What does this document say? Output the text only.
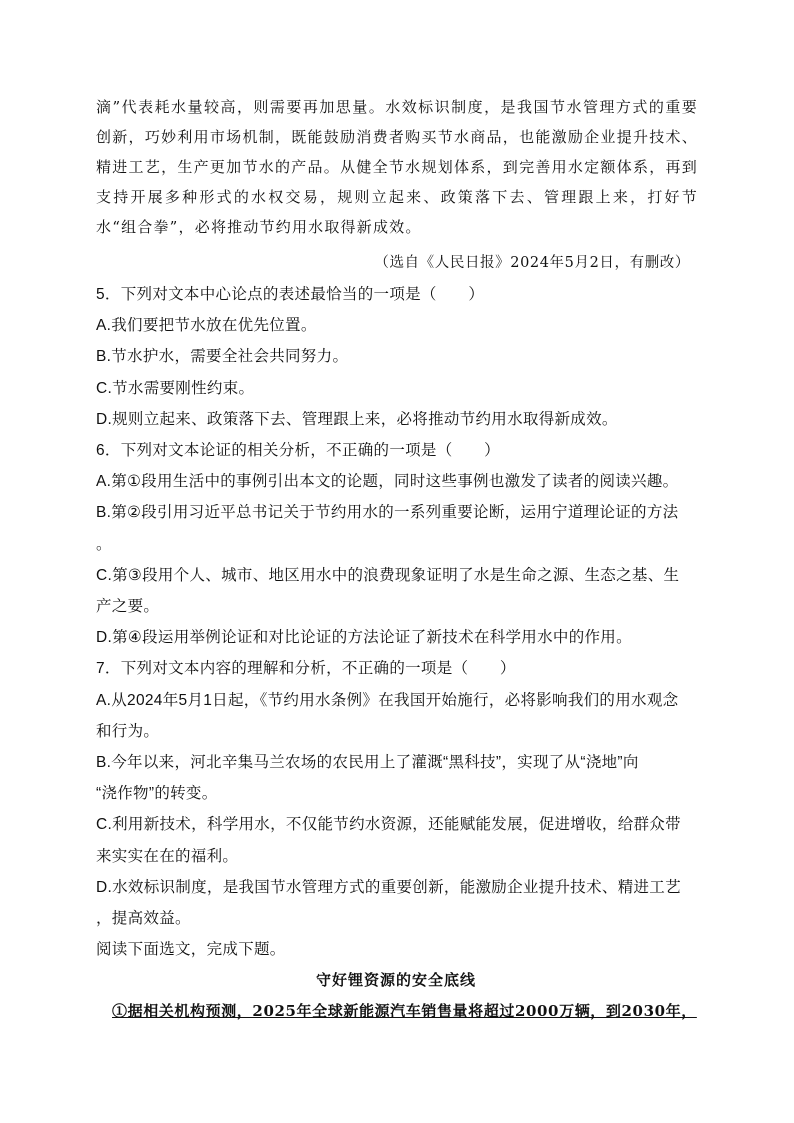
滴”代表耗水量较高，则需要再加思量。水效标识制度，是我国节水管理方式的重要创新，巧妙利用市场机制，既能鼓励消费者购买节水商品，也能激励企业提升技术、精进工艺，生产更加节水的产品。从健全节水规划体系，到完善用水定额体系，再到支持开展多种形式的水权交易，规则立起来、政策落下去、管理跟上来，打好节水“组合拳”，必将推动节约用水取得新成效。
（选自《人民日报》2024年5月2日，有删改）

5．下列对文本中心论点的表述最恰当的一项是（　　）

A.我们要把节水放在优先位置。

B.节水护水，需要全社会共同努力。

C.节水需要刚性约束。

D.规则立起来、政策落下去、管理跟上来，必将推动节约用水取得新成效。

6．下列对文本论证的相关分析，不正确的一项是（　　）

A.第①段用生活中的事例引出本文的论题，同时这些事例也激发了读者的阅读兴趣。

B.第②段引用习近平总书记关于节约用水的一系列重要论断，运用宁道理论证的方法

。

C.第③段用个人、城市、地区用水中的浪费现象证明了水是生命之源、生态之基、生

产之要。

D.第④段运用举例论证和对比论证的方法论证了新技术在科学用水中的作用。

7．下列对文本内容的理解和分析，不正确的一项是（　　）

A.从2024年5月1日起，《节约用水条例》在我国开始施行，必将影响我们的用水观念

和行为。

B.今年以来，河北辛集马兰农场的农民用上了灌溉“黑科技”，实现了从“浇地”向

“浇作物”的转变。

C.利用新技术，科学用水，不仅能节约水资源，还能赋能发展，促进增收，给群众带

来实实在在的福利。

D.水效标识制度，是我国节水管理方式的重要创新，能激励企业提升技术、精进工艺

，提高效益。

阅读下面选文，完成下题。

守好锂资源的安全底线
①据相关机构预测，2025年全球新能源汽车销售量将超过2000万辆，到2030年，
